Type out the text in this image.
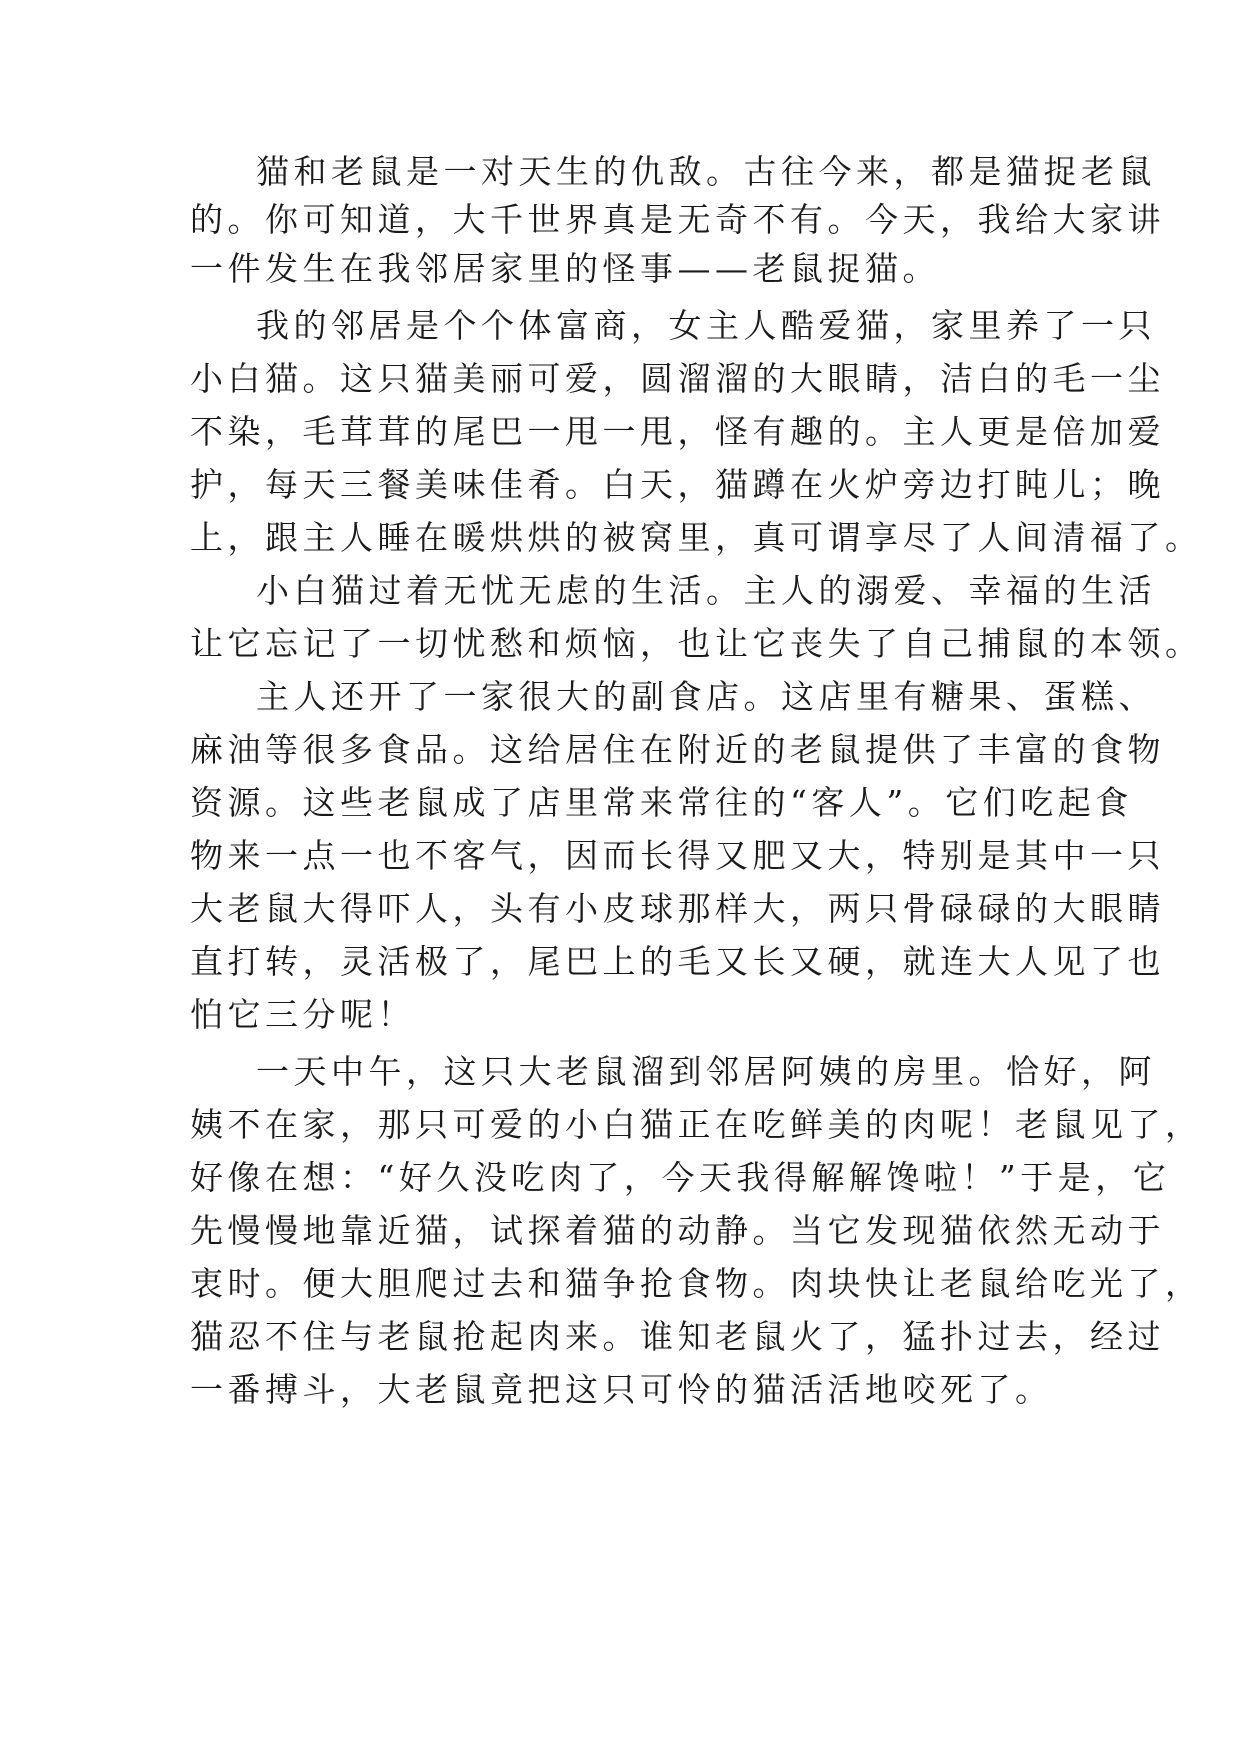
猫和老鼠是一对天生的仇敌。古往今来，都是猫捉老鼠
的。你可知道，大千世界真是无奇不有。今天，我给大家讲
一件发生在我邻居家里的怪事——老鼠捉猫。
我的邻居是个个体富商，女主人酷爱猫，家里养了一只
小白猫。这只猫美丽可爱，圆溜溜的大眼睛，洁白的毛一尘
不染，毛茸茸的尾巴一甩一甩，怪有趣的。主人更是倍加爱
护，每天三餐美味佳肴。白天，猫蹲在火炉旁边打盹儿；晚
上，跟主人睡在暖烘烘的被窝里，真可谓享尽了人间清福了。
小白猫过着无忧无虑的生活。主人的溺爱、幸福的生活
让它忘记了一切忧愁和烦恼，也让它丧失了自己捕鼠的本领。
主人还开了一家很大的副食店。这店里有糖果、蛋糕、
麻油等很多食品。这给居住在附近的老鼠提供了丰富的食物
资源。这些老鼠成了店里常来常往的“客人”。它们吃起食
物来一点一也不客气，因而长得又肥又大，特别是其中一只
大老鼠大得吓人，头有小皮球那样大，两只骨碌碌的大眼睛
直打转，灵活极了，尾巴上的毛又长又硬，就连大人见了也
怕它三分呢！
一天中午，这只大老鼠溜到邻居阿姨的房里。恰好，阿
姨不在家，那只可爱的小白猫正在吃鲜美的肉呢！老鼠见了，
好像在想：“好久没吃肉了，今天我得解解馋啦！”于是，它
先慢慢地靠近猫，试探着猫的动静。当它发现猫依然无动于
衷时。便大胆爬过去和猫争抢食物。肉块快让老鼠给吃光了，
猫忍不住与老鼠抢起肉来。谁知老鼠火了，猛扑过去，经过
一番搏斗，大老鼠竟把这只可怜的猫活活地咬死了。
